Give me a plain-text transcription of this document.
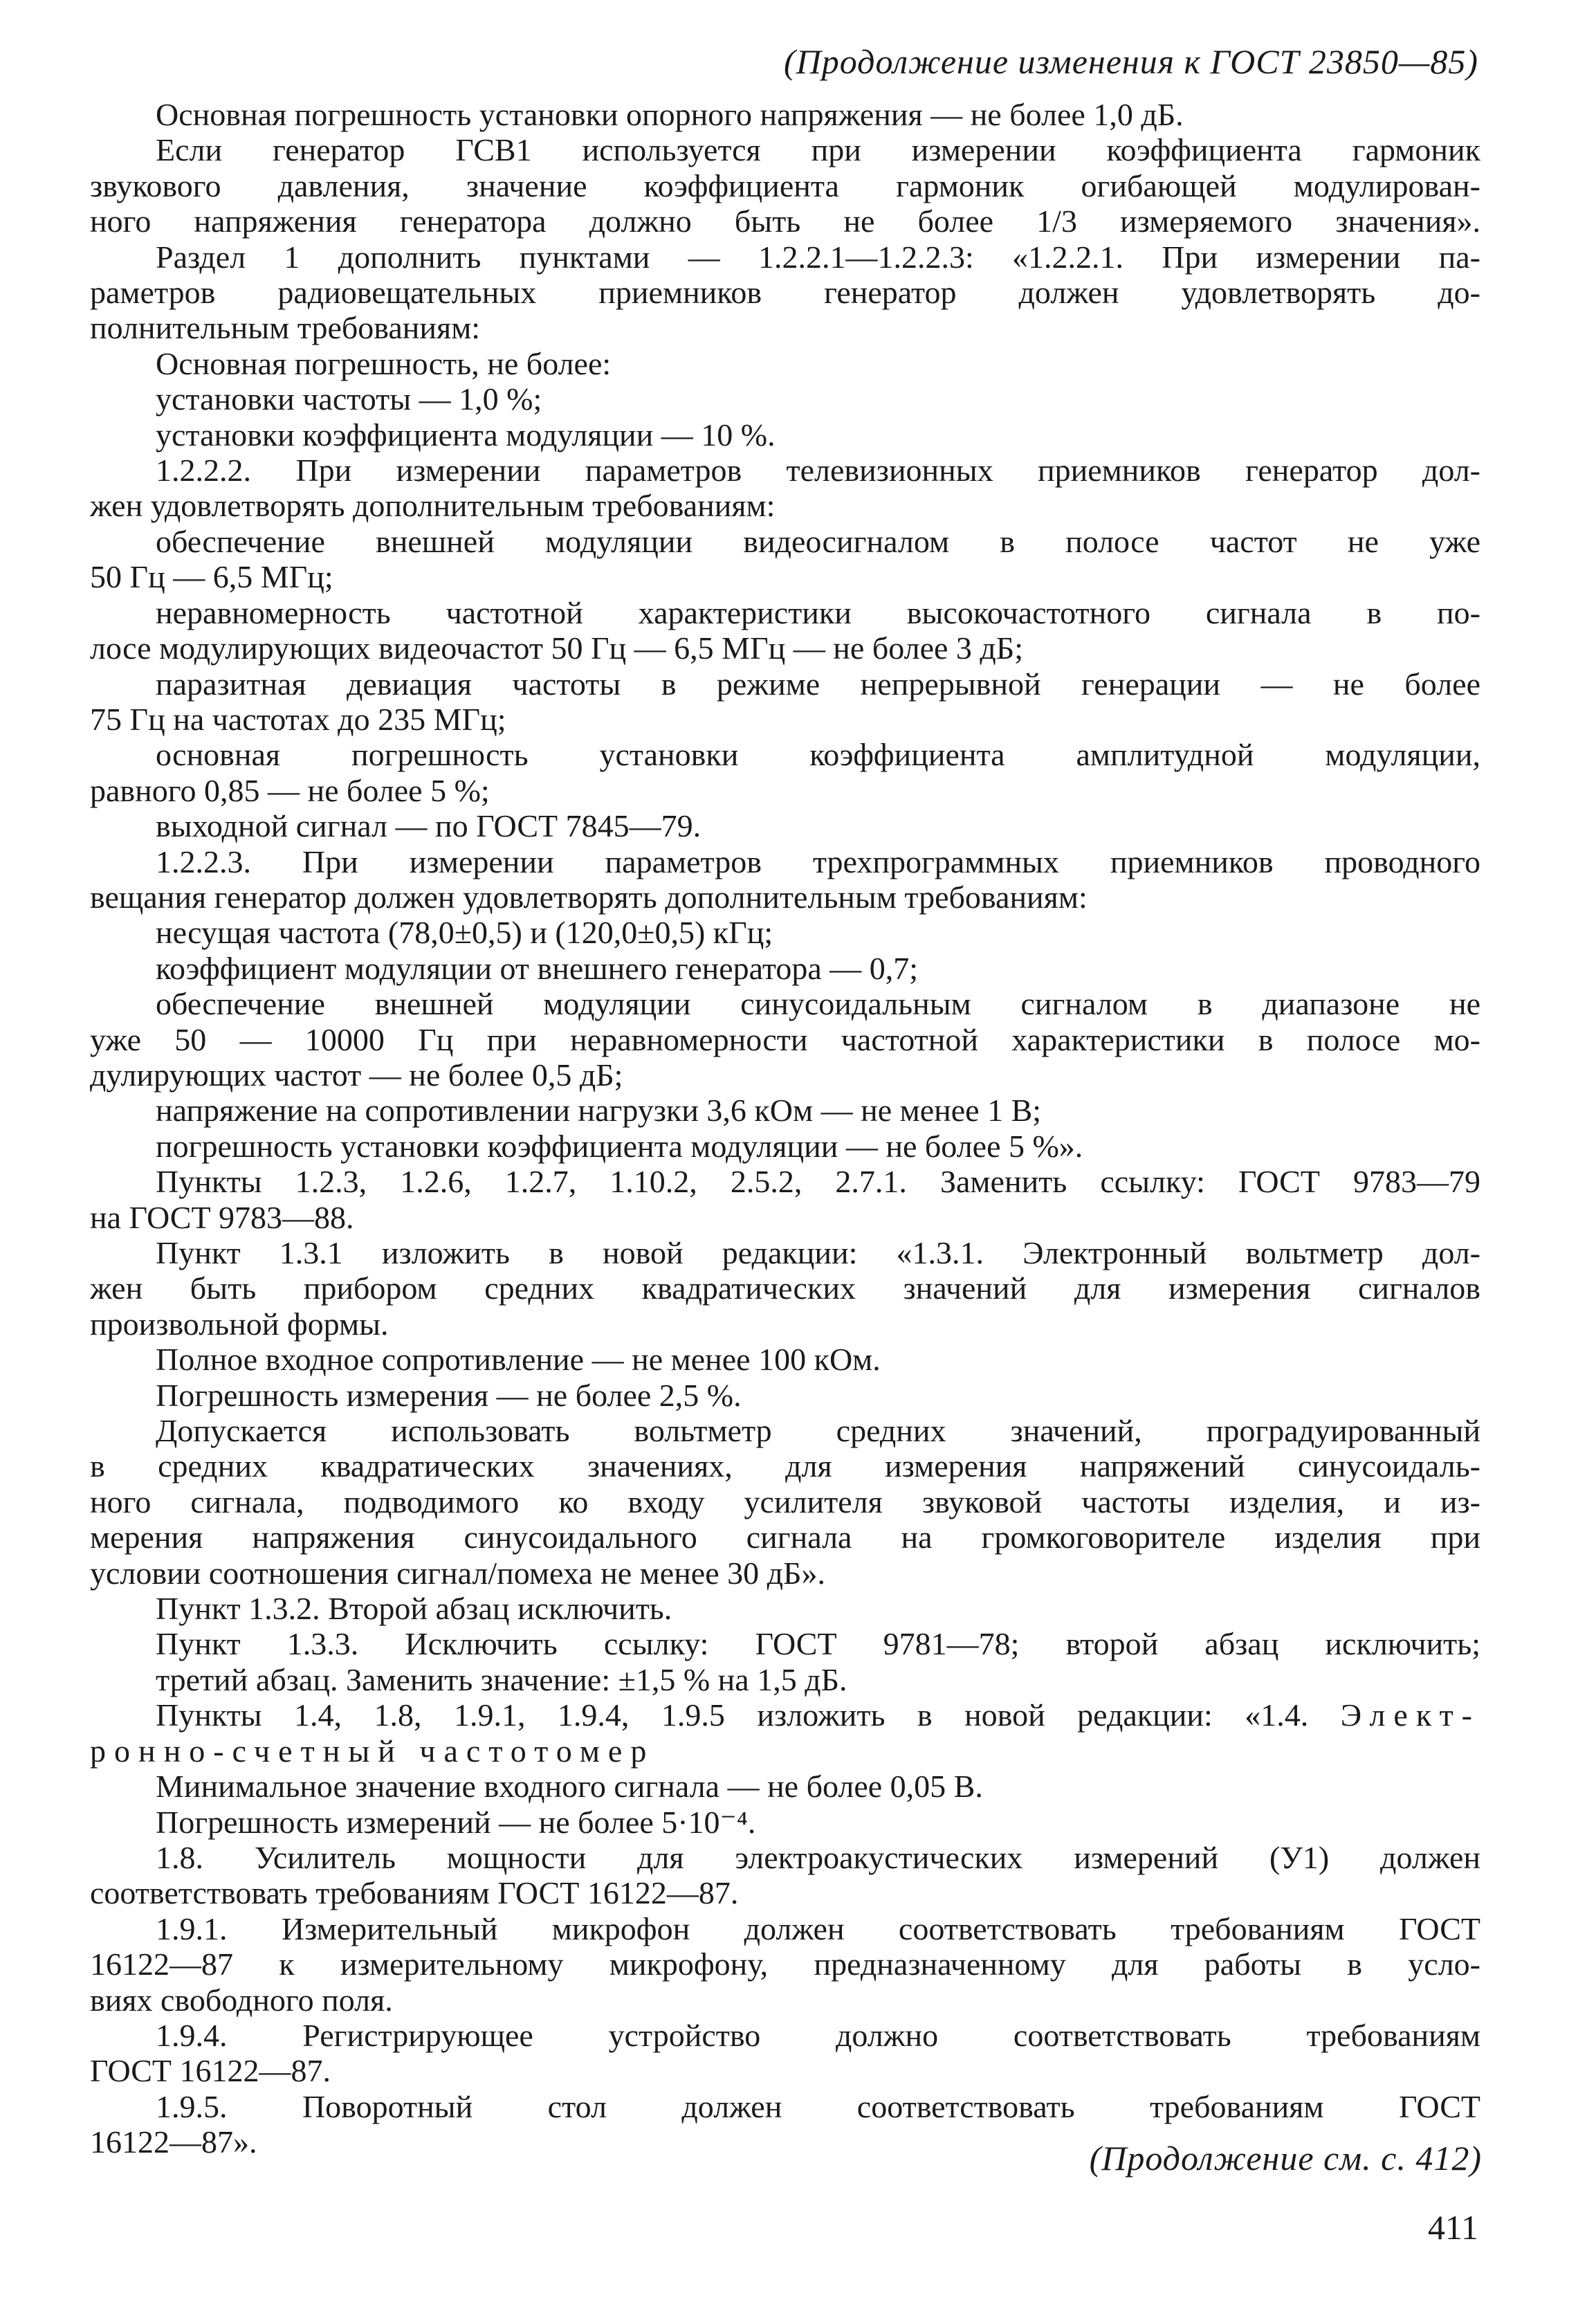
(Продолжение изменения к ГОСТ 23850—85)

Основная погрешность установки опорного напряжения — не более 1,0 дБ.

Если генератор ГСВ1 используется при измерении коэффициента гармоник

звукового давления, значение коэффициента гармоник огибающей модулирован-

ного напряжения генератора должно быть не более 1/3 измеряемого значения».

Раздел 1 дополнить пунктами — 1.2.2.1—1.2.2.3: «1.2.2.1. При измерении па-

раметров радиовещательных приемников генератор должен удовлетворять до-

полнительным требованиям:

Основная погрешность, не более:

установки частоты — 1,0 %;

установки коэффициента модуляции — 10 %.

1.2.2.2. При измерении параметров телевизионных приемников генератор дол-

жен удовлетворять дополнительным требованиям:

обеспечение внешней модуляции видеосигналом в полосе частот не уже

50 Гц — 6,5 МГц;

неравномерность частотной характеристики высокочастотного сигнала в по-

лосе модулирующих видеочастот 50 Гц — 6,5 МГц — не более 3 дБ;

паразитная девиация частоты в режиме непрерывной генерации — не более

75 Гц на частотах до 235 МГц;

основная погрешность установки коэффициента амплитудной модуляции,

равного 0,85 — не более 5 %;

выходной сигнал — по ГОСТ 7845—79.

1.2.2.3. При измерении параметров трехпрограммных приемников проводного

вещания генератор должен удовлетворять дополнительным требованиям:

несущая частота (78,0±0,5) и (120,0±0,5) кГц;

коэффициент модуляции от внешнего генератора — 0,7;

обеспечение внешней модуляции синусоидальным сигналом в диапазоне не

уже 50 — 10000 Гц при неравномерности частотной характеристики в полосе мо-

дулирующих частот — не более 0,5 дБ;

напряжение на сопротивлении нагрузки 3,6 кОм — не менее 1 В;

погрешность установки коэффициента модуляции — не более 5 %».

Пункты 1.2.3, 1.2.6, 1.2.7, 1.10.2, 2.5.2, 2.7.1. Заменить ссылку: ГОСТ 9783—79

на ГОСТ 9783—88.

Пункт 1.3.1 изложить в новой редакции: «1.3.1. Электронный вольтметр дол-

жен быть прибором средних квадратических значений для измерения сигналов

произвольной формы.

Полное входное сопротивление — не менее 100 кОм.

Погрешность измерения — не более 2,5 %.

Допускается использовать вольтметр средних значений, проградуированный

в средних квадратических значениях, для измерения напряжений синусоидаль-

ного сигнала, подводимого ко входу усилителя звуковой частоты изделия, и из-

мерения напряжения синусоидального сигнала на громкоговорителе изделия при

условии соотношения сигнал/помеха не менее 30 дБ».

Пункт 1.3.2. Второй абзац исключить.

Пункт 1.3.3. Исключить ссылку: ГОСТ 9781—78; второй абзац исключить;

третий абзац. Заменить значение: ±1,5 % на 1,5 дБ.

Пункты 1.4, 1.8, 1.9.1, 1.9.4, 1.9.5 изложить в новой редакции: «1.4. Элект-

ронно-счетный частотомер

Минимальное значение входного сигнала — не более 0,05 В.

Погрешность измерений — не более 5·10⁻⁴.

1.8. Усилитель мощности для электроакустических измерений (У1) должен

соответствовать требованиям ГОСТ 16122—87.

1.9.1. Измерительный микрофон должен соответствовать требованиям ГОСТ

16122—87 к измерительному микрофону, предназначенному для работы в усло-

виях свободного поля.

1.9.4. Регистрирующее устройство должно соответствовать требованиям

ГОСТ 16122—87.

1.9.5. Поворотный стол должен соответствовать требованиям ГОСТ

16122—87».	(Продолжение см. с. 412)
411
